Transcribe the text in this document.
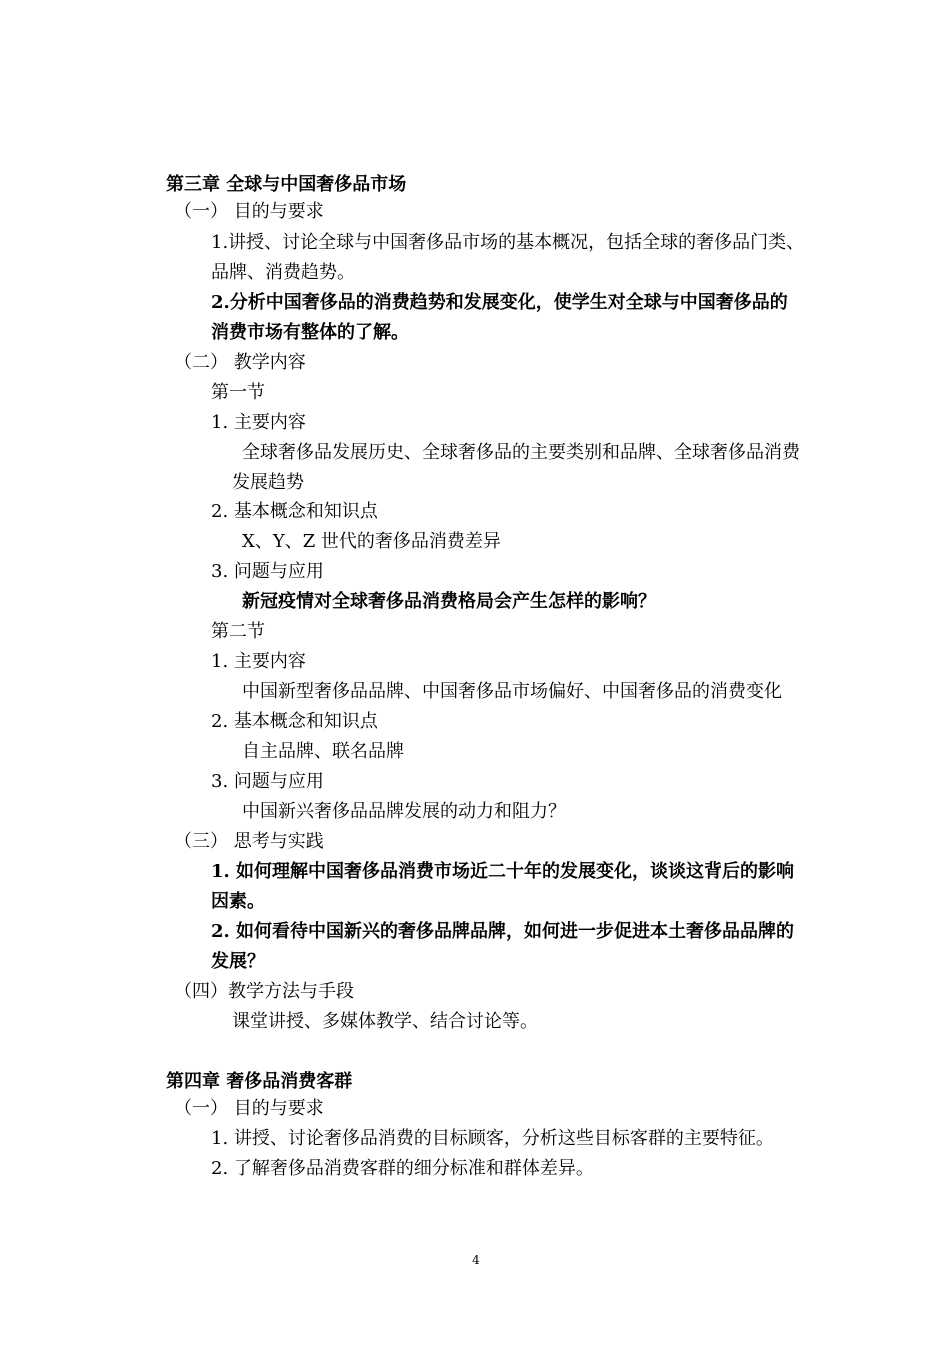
第三章 全球与中国奢侈品市场
（一） 目的与要求
1.讲授、讨论全球与中国奢侈品市场的基本概况，包括全球的奢侈品门类、
品牌、消费趋势。
2.分析中国奢侈品的消费趋势和发展变化，使学生对全球与中国奢侈品的
消费市场有整体的了解。
（二） 教学内容
第一节
1. 主要内容
全球奢侈品发展历史、全球奢侈品的主要类别和品牌、全球奢侈品消费
发展趋势
2. 基本概念和知识点
X、Y、Z 世代的奢侈品消费差异
3. 问题与应用
新冠疫情对全球奢侈品消费格局会产生怎样的影响？
第二节
1. 主要内容
中国新型奢侈品品牌、中国奢侈品市场偏好、中国奢侈品的消费变化
2. 基本概念和知识点
自主品牌、联名品牌
3. 问题与应用
中国新兴奢侈品品牌发展的动力和阻力？
（三） 思考与实践
1. 如何理解中国奢侈品消费市场近二十年的发展变化，谈谈这背后的影响
因素。
2. 如何看待中国新兴的奢侈品牌品牌，如何进一步促进本土奢侈品品牌的
发展？
（四）教学方法与手段
课堂讲授、多媒体教学、结合讨论等。
第四章 奢侈品消费客群
（一） 目的与要求
1. 讲授、讨论奢侈品消费的目标顾客，分析这些目标客群的主要特征。
2. 了解奢侈品消费客群的细分标准和群体差异。
4
